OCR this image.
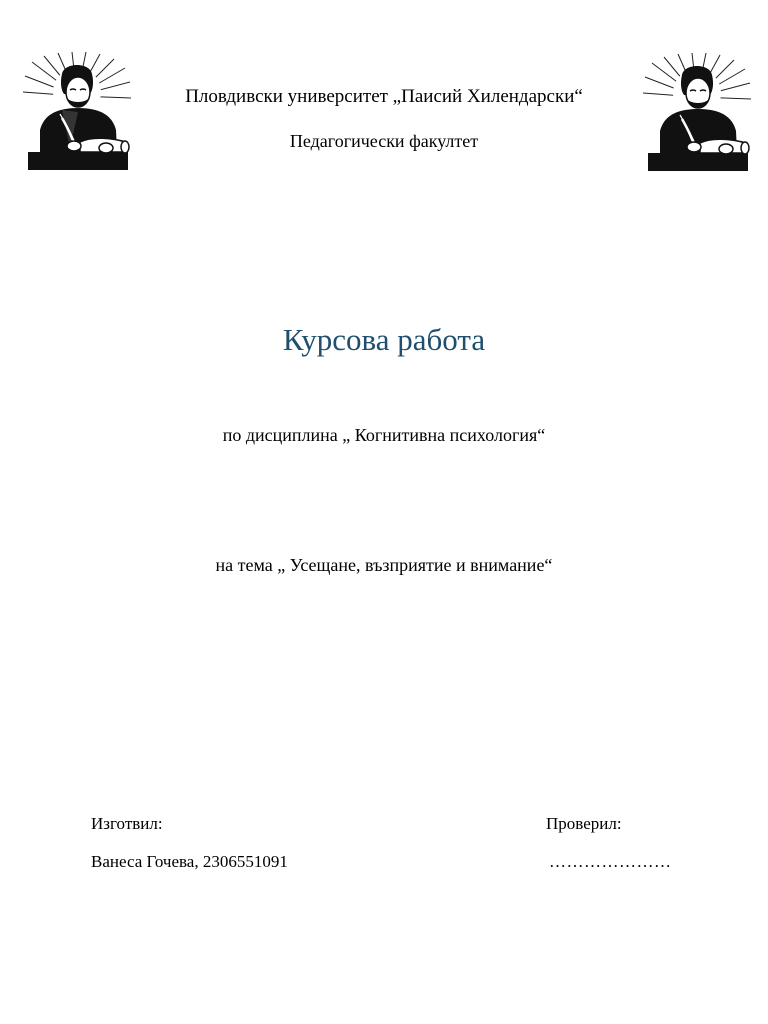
Пловдивски университет „Паисий Хилендарски“
Педагогически факултет
Курсова работа
по дисциплина „ Когнитивна психология“
на тема „ Усещане, възприятие и внимание“
Изготвил:
Ванеса Гочева, 2306551091
Проверил:
…………………
